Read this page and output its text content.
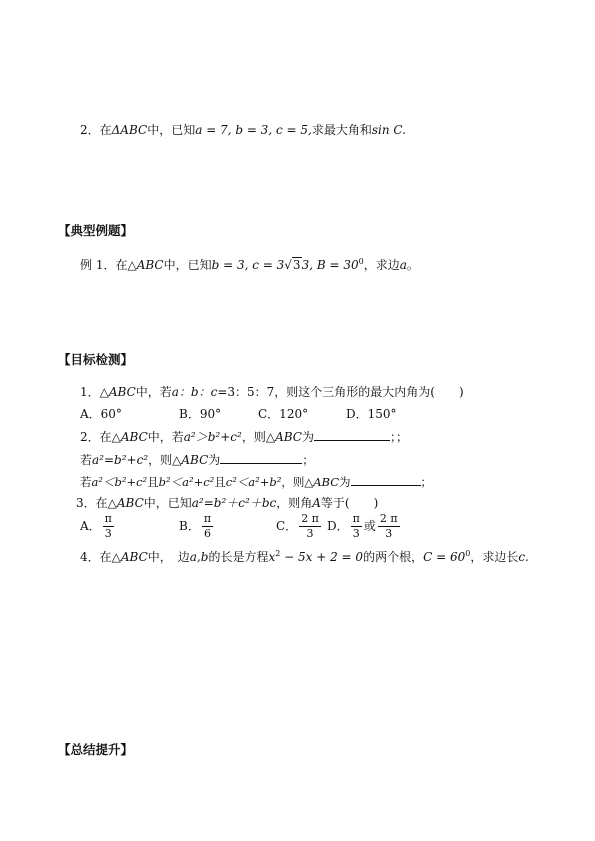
2．在ΔABC中，已知a = 7, b = 3, c = 5,求最大角和sin C.
【典型例题】
例 1．在△ABC中，已知b = 3, c = 3√33, $B = 30^0$，求边a。
【目标检测】
1．△ABC中，若a：b：c=3：5：7，则这个三角形的最大内角为(　　)
A．60°	B．90°	C．120°	D．150°
2．在△ABC中，若a²＞b²+c²，则△ABC为	；；
若a²=b²+c²，则△ABC为	；
若a²＜b²+c²且b²＜a²+c²且c²＜a²+b²，则△ABC为	；
3．在△ABC中，已知a²=b²＋c²＋bc，则角A等于(　　)
A． $\frac{\pi}{3}$	B． $\frac{\pi}{6}$	C． $\frac{2 \pi}{3}$ D． $\frac{\pi}{3}$ 或 $\frac{2 \pi}{3}$
4．在△ABC中，　边a,b的长是方程$x^2 - 5x + 2 = 0$的两个根，$C = 60^0$，求边长c.
【总结提升】
